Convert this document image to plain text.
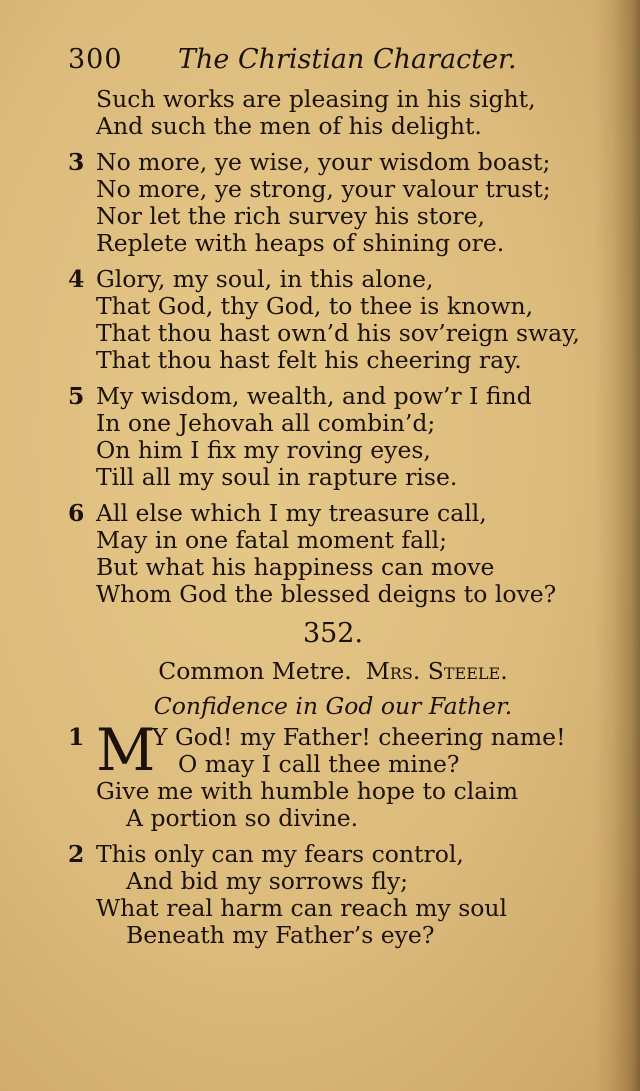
300 The Christian Character.
Such works are pleasing in his sight,
And such the men of his delight.
3 No more, ye wise, your wisdom boast;
No more, ye strong, your valour trust;
Nor let the rich survey his store,
Replete with heaps of shining ore.
4 Glory, my soul, in this alone,
That God, thy God, to thee is known,
That thou hast own’d his sov’reign sway,
That thou hast felt his cheering ray.
5 My wisdom, wealth, and pow’r I find
In one Jehovah all combin’d;
On him I fix my roving eyes,
Till all my soul in rapture rise.
6 All else which I my treasure call,
May in one fatal moment fall;
But what his happiness can move
Whom God the blessed deigns to love?
352.
Common Metre. Mrs. Steele.
Confidence in God our Father.
1 M
Y God! my Father! cheering name!
O may I call thee mine?
Give me with humble hope to claim
A portion so divine.
2 This only can my fears control,
And bid my sorrows fly;
What real harm can reach my soul
Beneath my Father’s eye?
